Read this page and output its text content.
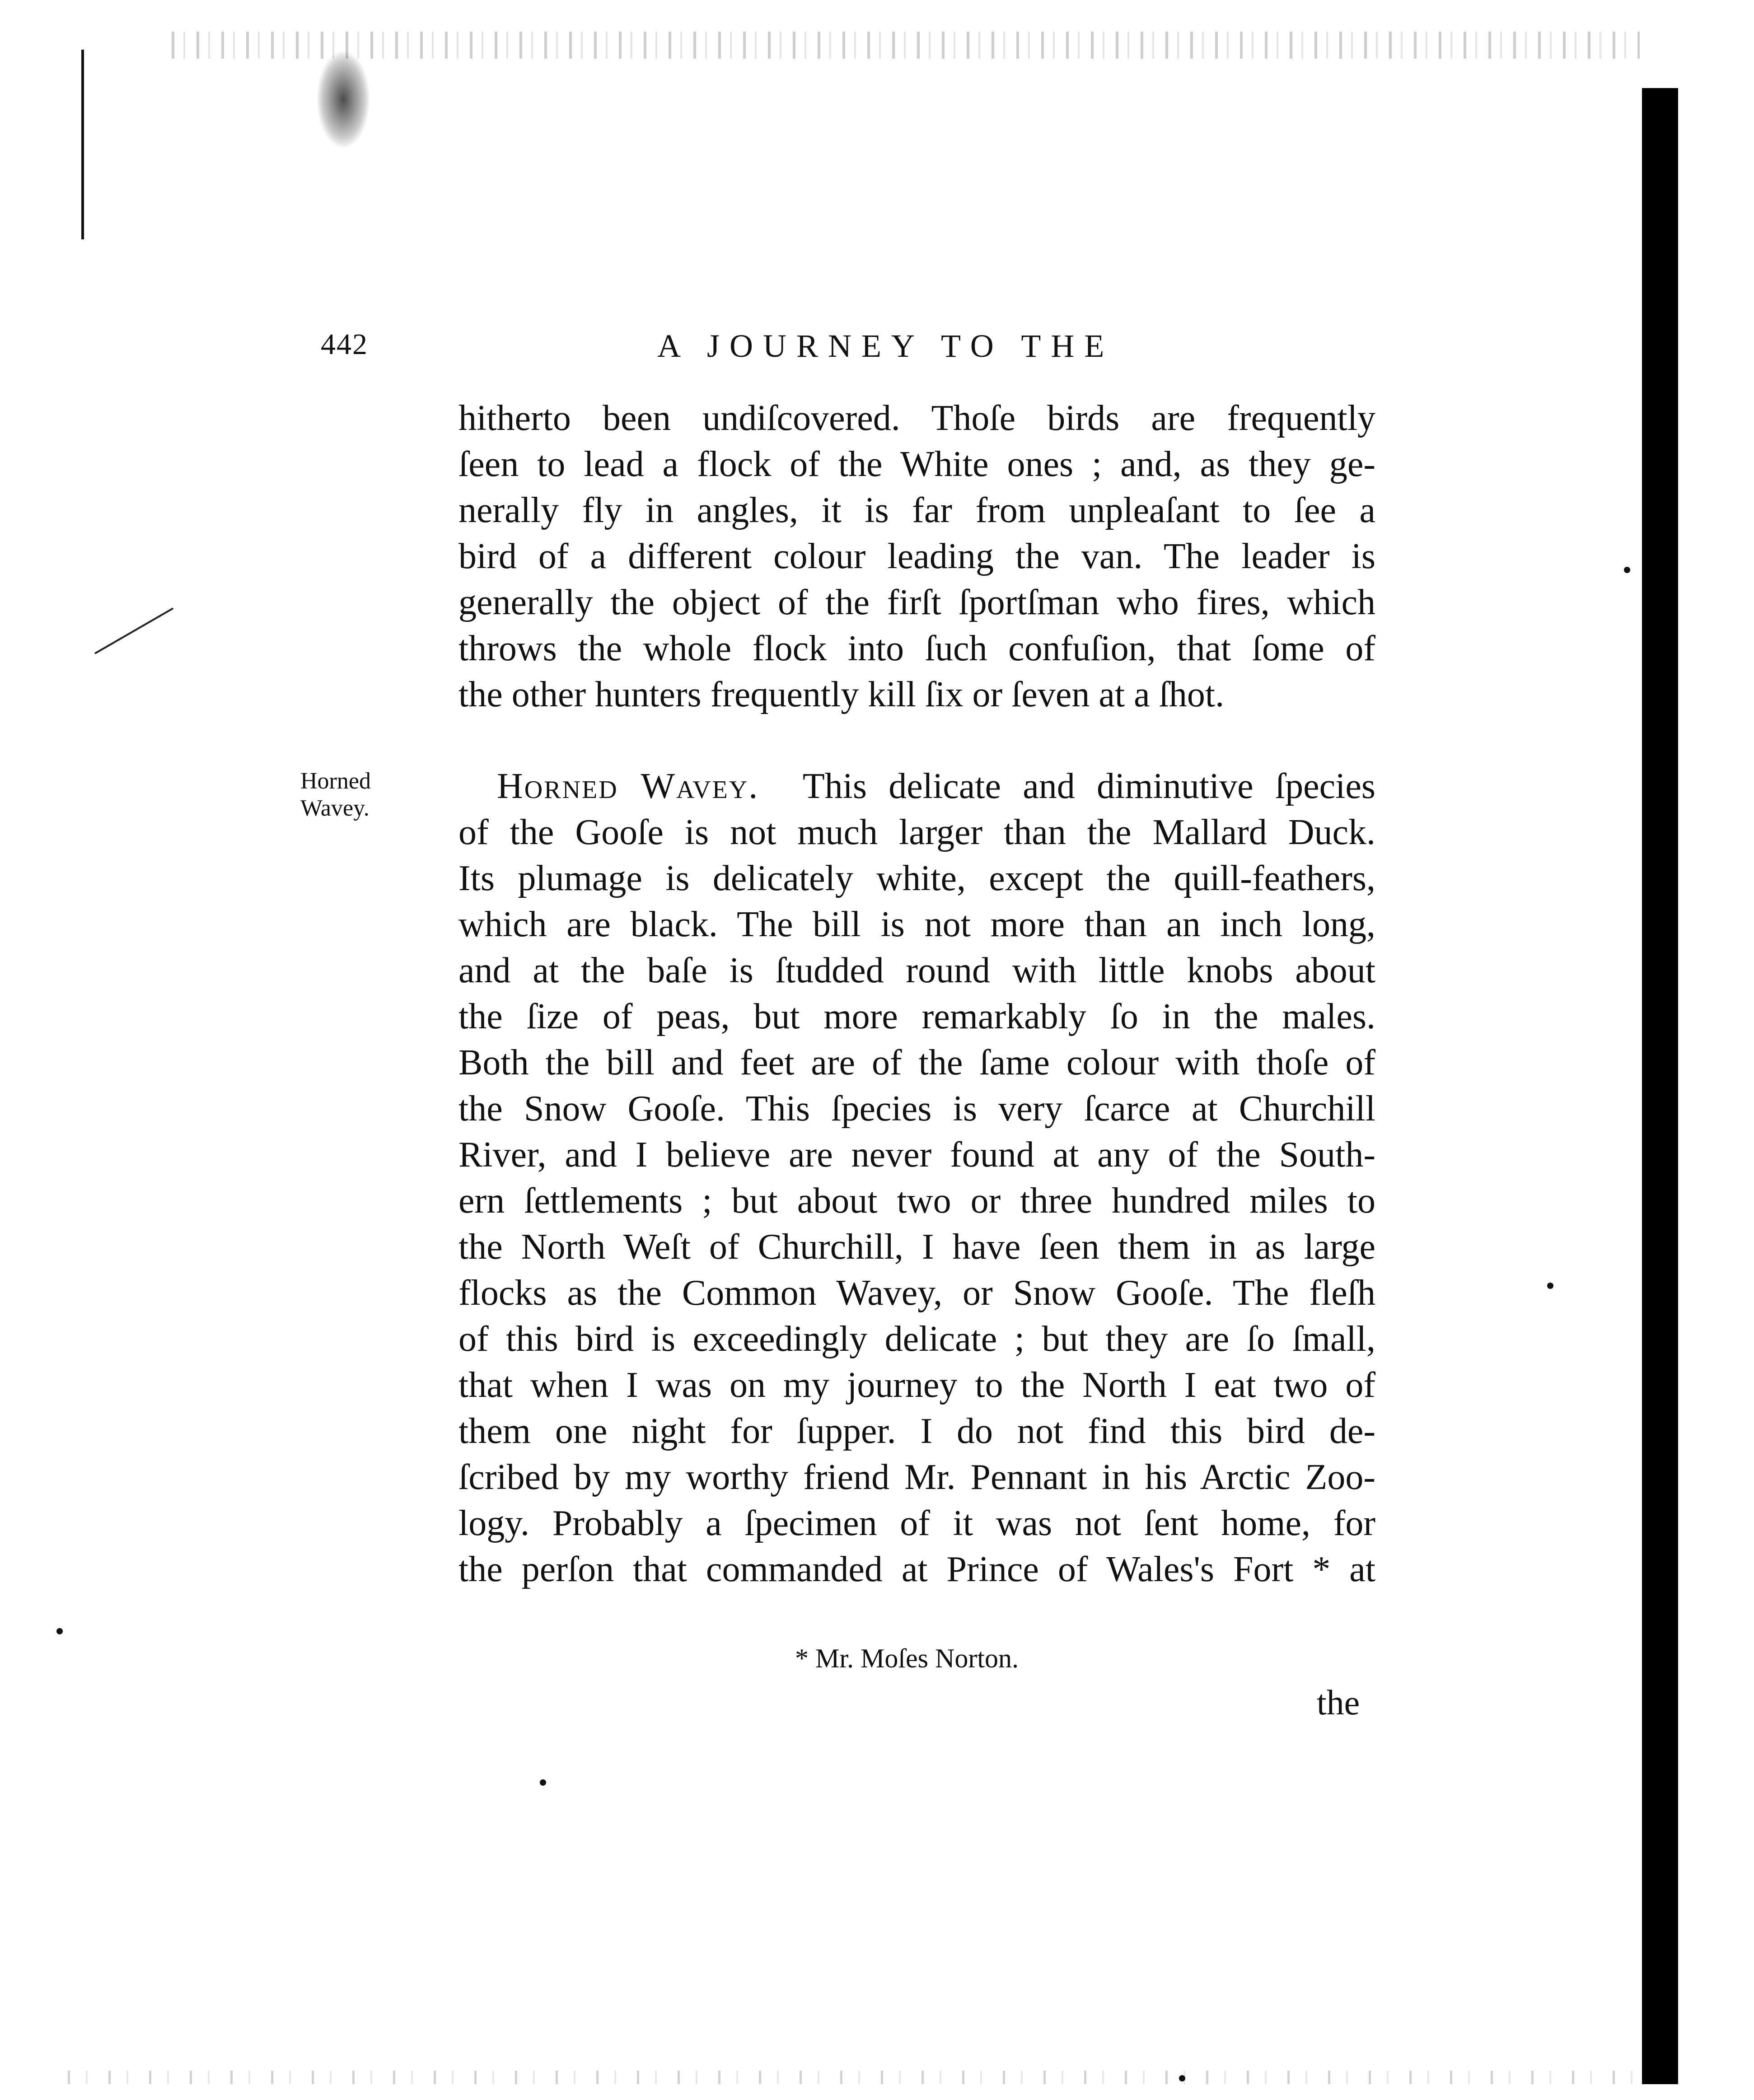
442	A JOURNEY TO THE
hitherto been undiſcovered. Thoſe birds are frequently
ſeen to lead a flock of the White ones ; and, as they ge-
nerally fly in angles, it is far from unpleaſant to ſee a
bird of a different colour leading the van. The leader is
generally the object of the firſt ſportſman who fires, which
throws the whole flock into ſuch confuſion, that ſome of
the other hunters frequently kill ſix or ſeven at a ſhot.
Horned
Wavey.
Horned Wavey. This delicate and diminutive ſpecies
of the Gooſe is not much larger than the Mallard Duck.
Its plumage is delicately white, except the quill-feathers,
which are black. The bill is not more than an inch long,
and at the baſe is ſtudded round with little knobs about
the ſize of peas, but more remarkably ſo in the males.
Both the bill and feet are of the ſame colour with thoſe of
the Snow Gooſe. This ſpecies is very ſcarce at Churchill
River, and I believe are never found at any of the South-
ern ſettlements ; but about two or three hundred miles to
the North Weſt of Churchill, I have ſeen them in as large
flocks as the Common Wavey, or Snow Gooſe. The fleſh
of this bird is exceedingly delicate ; but they are ſo ſmall,
that when I was on my journey to the North I eat two of
them one night for ſupper. I do not find this bird de-
ſcribed by my worthy friend Mr. Pennant in his Arctic Zoo-
logy. Probably a ſpecimen of it was not ſent home, for
the perſon that commanded at Prince of Wales's Fort * at
* Mr. Moſes Norton.
the
